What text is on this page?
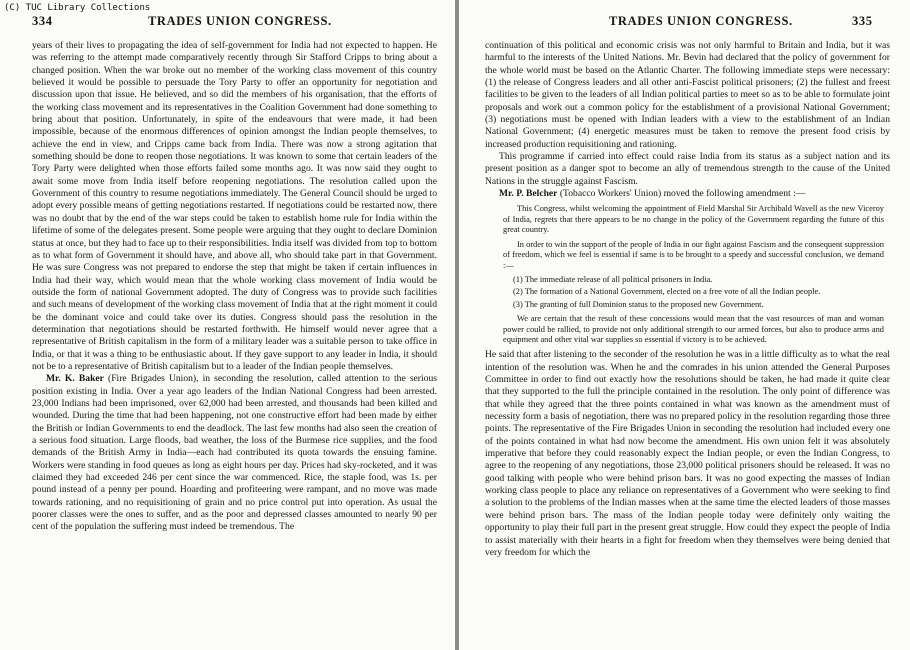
(C) TUC Library Collections
334	TRADES UNION CONGRESS.

years of their lives to propagating the idea of self-government for India had not expected to happen. He was referring to the attempt made comparatively recently through Sir Stafford Cripps to bring about a changed position. When the war broke out no member of the working class movement of this country believed it would be possible to persuade the Tory Party to offer an opportunity for negotiation and discussion upon that issue. He believed, and so did the members of his organisation, that the efforts of the working class movement and its representatives in the Coalition Government had done something to bring about that position. Unfortunately, in spite of the endeavours that were made, it had been impossible, because of the enormous differences of opinion amongst the Indian people themselves, to achieve the end in view, and Cripps came back from India. There was now a strong agitation that something should be done to reopen those negotiations. It was known to some that certain leaders of the Tory Party were delighted when those efforts failed some months ago. It was now said they ought to await some move from India itself before reopening negotiations. The resolution called upon the Government of this country to resume negotiations immediately. The General Council should be urged to adopt every possible means of getting negotiations restarted. If negotiations could be restarted now, there was no doubt that by the end of the war steps could be taken to establish home rule for India within the lifetime of some of the delegates present. Some people were arguing that they ought to declare Dominion status at once, but they had to face up to their responsibilities. India itself was divided from top to bottom as to what form of Government it should have, and above all, who should take part in that Government. He was sure Congress was not prepared to endorse the step that might be taken if certain influences in India had their way, which would mean that the whole working class movement of India would be outside the form of national Government adopted. The duty of Congress was to provide such facilities and such means of development of the working class movement of India that at the right moment it could be the dominant voice and could take over its duties. Congress should pass the resolution in the determination that negotiations should be restarted forthwith. He himself would never agree that a representative of British capitalism in the form of a military leader was a suitable person to take office in India, or that it was a thing to be enthusiastic about. If they gave support to any leader in India, it should not be to a representative of British capitalism but to a leader of the Indian people themselves.

Mr. K. Baker (Fire Brigades Union), in seconding the resolution, called attention to the serious position existing in India. Over a year ago leaders of the Indian National Congress had been arrested. 23,000 Indians had been imprisoned, over 62,000 had been arrested, and thousands had been killed and wounded. During the time that had been happening, not one constructive effort had been made by either the British or Indian Governments to end the deadlock. The last few months had also seen the creation of a serious food situation. Large floods, bad weather, the loss of the Burmese rice supplies, and the food demands of the British Army in India—each had contributed its quota towards the ensuing famine. Workers were standing in food queues as long as eight hours per day. Prices had sky-rocketed, and it was claimed they had exceeded 246 per cent since the war commenced. Rice, the staple food, was 1s. per pound instead of a penny per pound. Hoarding and profiteering were rampant, and no move was made towards rationing, and no requisitioning of grain and no price control put into operation. As usual the poorer classes were the ones to suffer, and as the poor and depressed classes amounted to nearly 90 per cent of the population the suffering must indeed be tremendous. The

TRADES UNION CONGRESS.	335

continuation of this political and economic crisis was not only harmful to Britain and India, but it was harmful to the interests of the United Nations. Mr. Bevin had declared that the policy of government for the whole world must be based on the Atlantic Charter. The following immediate steps were necessary: (1) the release of Congress leaders and all other anti-Fascist political prisoners; (2) the fullest and freest facilities to be given to the leaders of all Indian political parties to meet so as to be able to formulate joint proposals and work out a common policy for the establishment of a provisional National Government; (3) negotiations must be opened with Indian leaders with a view to the establishment of an Indian National Government; (4) energetic measures must be taken to remove the present food crisis by increased production requisitioning and rationing.

This programme if carried into effect could raise India from its status as a subject nation and its present position as a danger spot to become an ally of tremendous strength to the cause of the United Nations in the struggle against Fascism.

Mr. P. Belcher (Tobacco Workers' Union) moved the following amendment :—

This Congress, whilst welcoming the appointment of Field Marshal Sir Archibald Wavell as the new Viceroy of India, regrets that there appears to be no change in the policy of the Government regarding the future of this great country.

In order to win the support of the people of India in our fight against Fascism and the consequent suppression of freedom, which we feel is essential if same is to be brought to a speedy and successful conclusion, we demand :—

(1) The immediate release of all political prisoners in India.

(2) The formation of a National Government, elected on a free vote of all the Indian people.

(3) The granting of full Dominion status to the proposed new Government.

We are certain that the result of these concessions would mean that the vast resources of man and woman power could be rallied, to provide not only additional strength to our armed forces, but also to produce arms and equipment and other vital war supplies so essential if victory is to be achieved.

He said that after listening to the seconder of the resolution he was in a little difficulty as to what the real intention of the resolution was. When he and the comrades in his union attended the General Purposes Committee in order to find out exactly how the resolutions should be taken, he had made it quite clear that they supported to the full the principle contained in the resolution. The only point of difference was that while they agreed that the three points contained in what was known as the amendment must of necessity form a basis of negotiation, there was no prepared policy in the resolution regarding those three points. The representative of the Fire Brigades Union in seconding the resolution had included every one of the points contained in what had now become the amendment. His own union felt it was absolutely imperative that before they could reasonably expect the Indian people, or even the Indian Congress, to agree to the reopening of any negotiations, those 23,000 political prisoners should be released. It was no good talking with people who were behind prison bars. It was no good expecting the masses of Indian working class people to place any reliance on representatives of a Government who were seeking to find a solution to the problems of the Indian masses when at the same time the elected leaders of those masses were behind prison bars. The mass of the Indian people today were definitely only waiting the opportunity to play their full part in the present great struggle. How could they expect the people of India to assist materially with their hearts in a fight for freedom when they themselves were being denied that very freedom for which the
